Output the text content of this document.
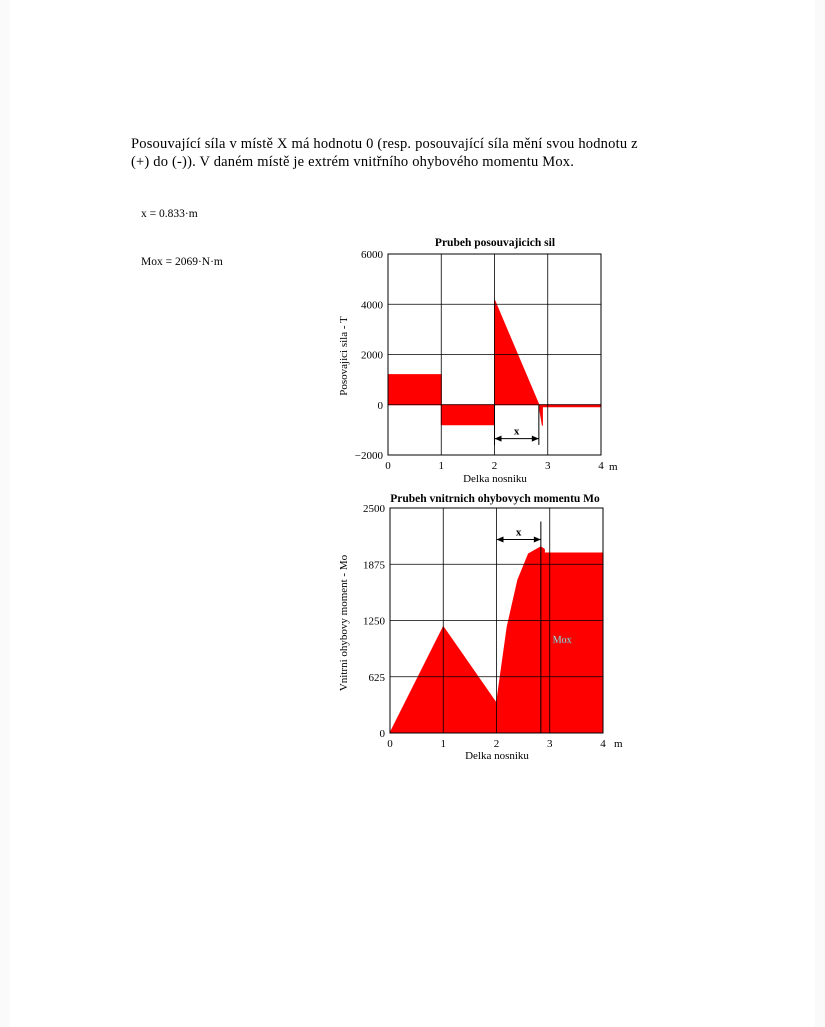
Posouvající síla v místě X má hodnotu 0 (resp. posouvající síla mění svou hodnotu z

(+) do (-)). V daném místě je extrém vnitřního ohybového momentu Mox.

x = 0.833·m
Mox = 2069·N·m
Prubeh posouvajicich sil
0	1	2	3	4
−2000
0
2000
4000
6000
m
Delka nosniku
Posovajici sila - T
x
Prubeh vnitrnich ohybovych momentu Mo
0	1	2	3	4
0
625
1250
1875
2500
m
Delka nosniku
Vnitrni ohybovy moment - Mo
x
Mox
